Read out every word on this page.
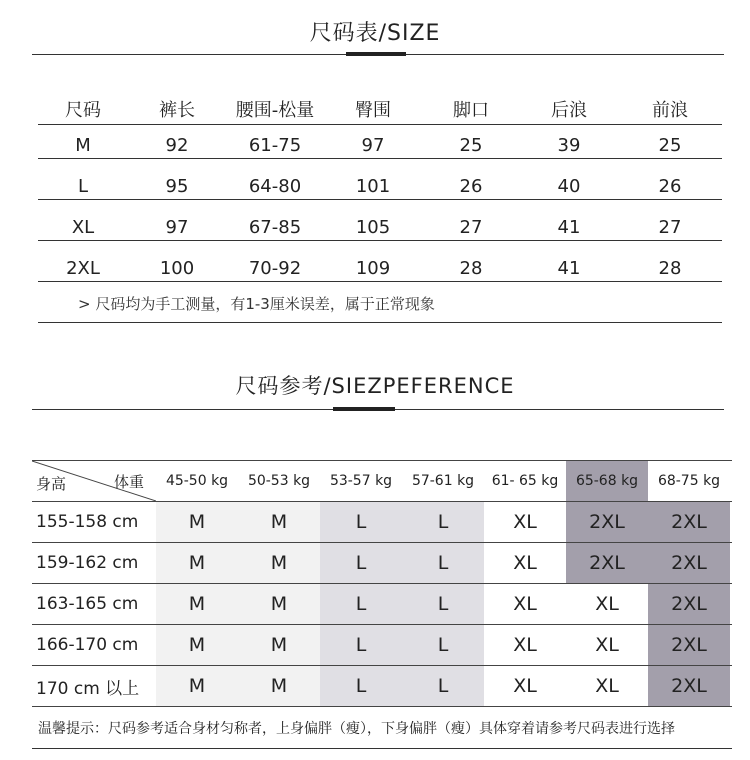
尺码表/SIZE
尺码	裤长	腰围-松量	臀围	脚口	后浪	前浪
M	92	61-75	97	25	39	25
L	95	64-80	101	26	40	26
XL	97	67-85	105	27	41	27
2XL	100	70-92	109	28	41	28
> 尺码均为手工测量，有1-3厘米误差，属于正常现象
尺码参考/SIEZPEFERENCE
身高	体重	45-50 kg	50-53 kg	53-57 kg	57-61 kg	61- 65 kg	65-68 kg	68-75 kg
155-158 cm	M	M	L	L	XL	2XL	2XL
159-162 cm	M	M	L	L	XL	2XL	2XL
163-165 cm	M	M	L	L	XL	XL	2XL
166-170 cm	M	M	L	L	XL	XL	2XL
170 cm 以上	M	M	L	L	XL	XL	2XL
温馨提示：尺码参考适合身材匀称者，上身偏胖（瘦），下身偏胖（瘦）具体穿着请参考尺码表进行选择
